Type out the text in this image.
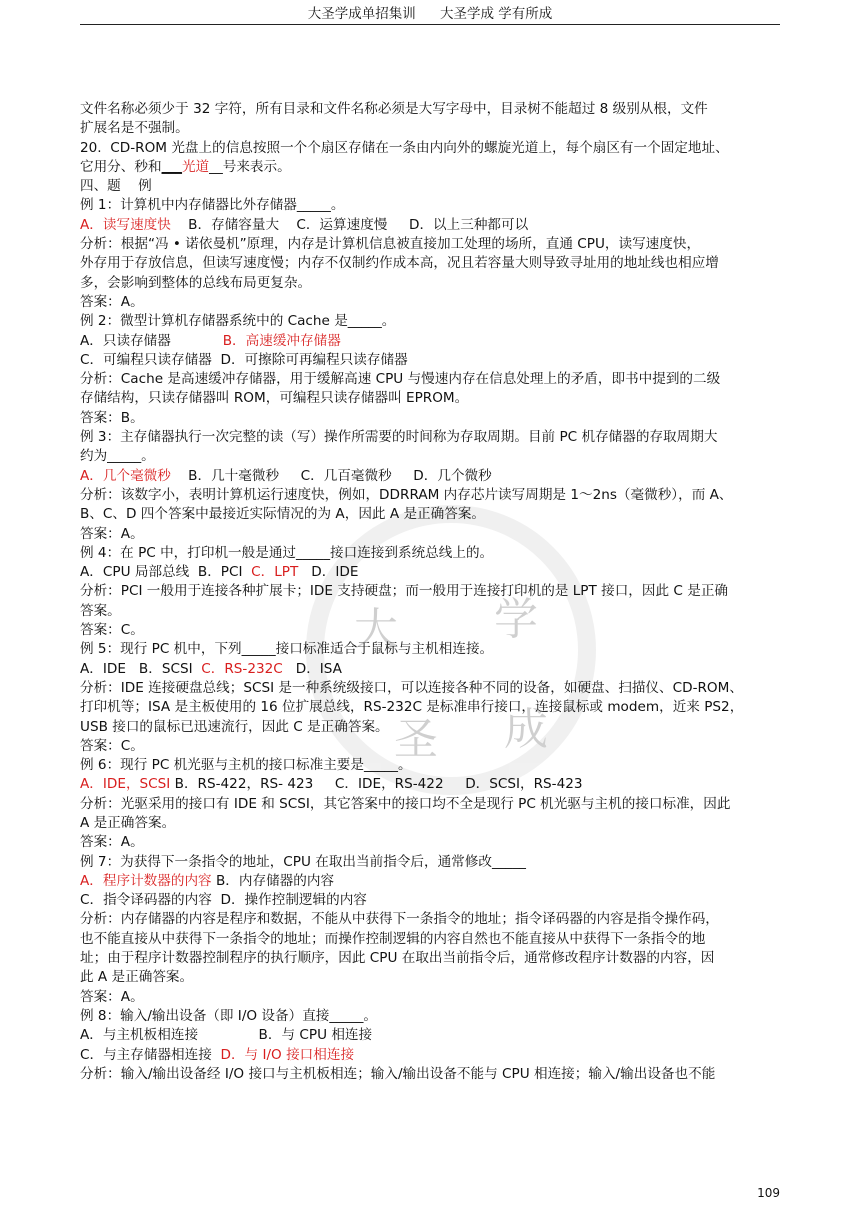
大圣学成单招集训 大圣学成 学有所成
大
圣
学
成
文件名称必须少于 32 字符，所有目录和文件名称必须是大写字母中，目录树不能超过 8 级别从根，文件
扩展名是不强制。
20.  CD-ROM 光盘上的信息按照一个个扇区存储在一条由内向外的螺旋光道上，每个扇区有一个固定地址、
它用分、秒和___光道__号来表示。
四、题    例
例 1：计算机中内存储器比外存储器_____。
A．读写速度快    B．存储容量大    C．运算速度慢     D．以上三种都可以
分析：根据“冯 • 诺依曼机”原理，内存是计算机信息被直接加工处理的场所，直通 CPU，读写速度快，
外存用于存放信息，但读写速度慢；内存不仅制约作成本高，况且若容量大则导致寻址用的地址线也相应增
多，会影响到整体的总线布局更复杂。
答案：A。
例 2：微型计算机存储器系统中的 Cache 是_____。
A．只读存储器            B．高速缓冲存储器
C．可编程只读存储器  D．可擦除可再编程只读存储器
分析：Cache 是高速缓冲存储器，用于缓解高速 CPU 与慢速内存在信息处理上的矛盾，即书中提到的二级
存储结构，只读存储器叫 ROM，可编程只读存储器叫 EPROM。
答案：B。
例 3：主存储器执行一次完整的读（写）操作所需要的时间称为存取周期。目前 PC 机存储器的存取周期大
约为_____。
A．几个毫微秒    B．几十毫微秒     C．几百毫微秒     D．几个微秒
分析：该数字小，表明计算机运行速度快，例如，DDRRAM 内存芯片读写周期是 1～2ns（毫微秒），而 A、
B、C、D 四个答案中最接近实际情况的为 A，因此 A 是正确答案。
答案：A。
例 4：在 PC 中，打印机一般是通过_____接口连接到系统总线上的。
A．CPU 局部总线  B．PCI  C．LPT   D．IDE
分析：PCI 一般用于连接各种扩展卡；IDE 支持硬盘；而一般用于连接打印机的是 LPT 接口，因此 C 是正确
答案。
答案：C。
例 5：现行 PC 机中，下列_____接口标准适合于鼠标与主机相连接。
A．IDE   B．SCSI  C．RS-232C   D．ISA
分析：IDE 连接硬盘总线；SCSI 是一种系统级接口，可以连接各种不同的设备，如硬盘、扫描仪、CD-ROM、
打印机等；ISA 是主板使用的 16 位扩展总线，RS-232C 是标准串行接口，连接鼠标或 modem，近来 PS2，
USB 接口的鼠标已迅速流行，因此 C 是正确答案。
答案：C。
例 6：现行 PC 机光驱与主机的接口标准主要是_____。
A．IDE，SCSI B．RS-422，RS- 423     C．IDE，RS-422     D．SCSI，RS-423
分析：光驱采用的接口有 IDE 和 SCSI，其它答案中的接口均不全是现行 PC 机光驱与主机的接口标准，因此
A 是正确答案。
答案：A。
例 7：为获得下一条指令的地址，CPU 在取出当前指令后，通常修改_____
A．程序计数器的内容 B．内存储器的内容
C．指令译码器的内容  D．操作控制逻辑的内容
分析：内存储器的内容是程序和数据，不能从中获得下一条指令的地址；指令译码器的内容是指令操作码，
也不能直接从中获得下一条指令的地址；而操作控制逻辑的内容自然也不能直接从中获得下一条指令的地
址；由于程序计数器控制程序的执行顺序，因此 CPU 在取出当前指令后，通常修改程序计数器的内容，因
此 A 是正确答案。
答案：A。
例 8：输入/输出设备（即 I/O 设备）直接_____。
A．与主机板相连接              B．与 CPU 相连接
C．与主存储器相连接  D．与 I/O 接口相连接
分析：输入/输出设备经 I/O 接口与主机板相连；输入/输出设备不能与 CPU 相连接；输入/输出设备也不能
109
